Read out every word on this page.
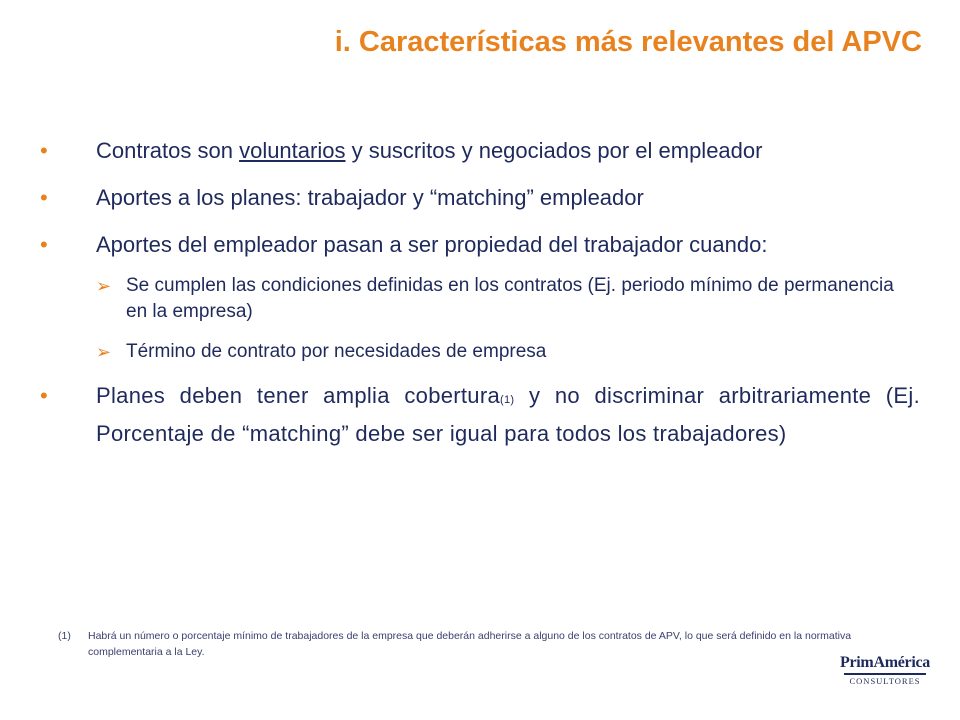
i. Características más relevantes del APVC
•	Contratos son voluntarios y suscritos y negociados por el empleador
•	Aportes a los planes: trabajador y “matching” empleador
•	Aportes del empleador pasan a ser propiedad del trabajador cuando:
➢ Se cumplen las condiciones definidas en los contratos (Ej. periodo mínimo de permanencia en la empresa)
➢ Término de contrato por necesidades de empresa
•	Planes deben tener amplia cobertura(1) y no discriminar arbitrariamente (Ej. Porcentaje de “matching” debe ser igual para todos los trabajadores)
(1)	Habrá un número o porcentaje mínimo de trabajadores de la empresa que deberán adherirse a alguno de los contratos de APV, lo que será definido en la normativa complementaria a la Ley.
PrimAmérica
CONSULTORES
